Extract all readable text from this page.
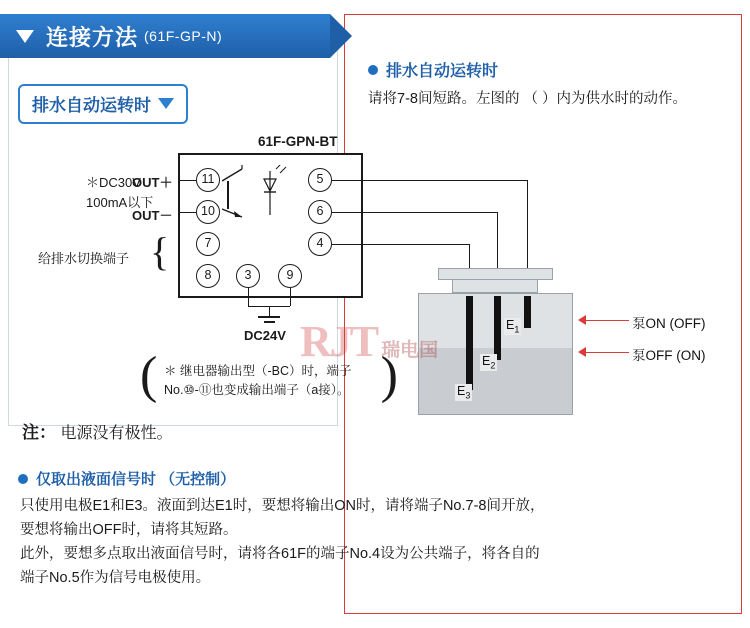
连接方法 (61F-GP-N)
排水自动运转时
排水自动运转时
请将7-8间短路。左图的 （ ）内为供水时的动作。
61F-GPN-BT
11
10
7
8	3	9
5
6
4
＊DC30V
100mA以下
OUT＋
OUT－
给排水切换端子 {
DC24V
$E_1$
$E_2$
$E_3$
泵ON (OFF)
泵OFF (ON)
RJT 瑞电国
( ＊ 继电器输出型（-BC）时，端子
No.⑩-⑪也变成输出端子（a接）。 )
注： 电源没有极性。
仅取出液面信号时 （无控制）
只使用电极E1和E3。液面到达E1时，要想将输出ON时，请将端子No.7-8间开放，
要想将输出OFF时，请将其短路。
此外，要想多点取出液面信号时，请将各61F的端子No.4设为公共端子，将各自的
端子No.5作为信号电极使用。
